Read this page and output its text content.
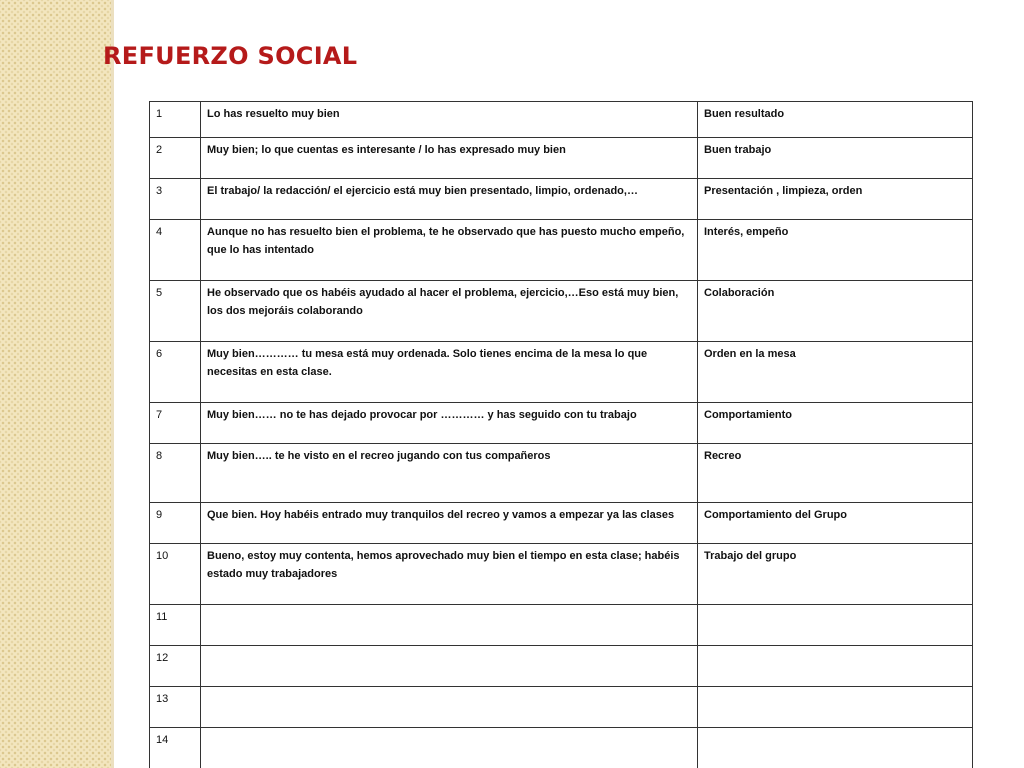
REFUERZO SOCIAL
1	Lo has resuelto muy bien	Buen resultado
2	Muy bien; lo que cuentas es interesante / lo has expresado muy bien	Buen trabajo
3	El trabajo/ la redacción/ el ejercicio está muy bien presentado, limpio, ordenado,…	Presentación , limpieza, orden
4	Aunque no has resuelto bien el problema, te he observado que has puesto mucho empeño, que lo has intentado	Interés, empeño
5	He observado que os habéis ayudado al hacer el problema, ejercicio,…Eso está muy bien, los dos mejoráis colaborando	Colaboración
6	Muy bien………… tu mesa está muy ordenada. Solo tienes encima de la mesa lo que necesitas en esta clase.	Orden en la mesa
7	Muy bien…… no te has dejado provocar por ………… y has seguido con tu trabajo	Comportamiento
8	Muy bien….. te he visto en el recreo jugando con tus compañeros	Recreo
9	Que bien. Hoy habéis entrado muy tranquilos del recreo y vamos a empezar ya las clases	Comportamiento del Grupo
10	Bueno, estoy muy contenta, hemos aprovechado muy bien el tiempo en esta clase; habéis estado muy trabajadores	Trabajo del grupo
11		
12		
13		
14		
